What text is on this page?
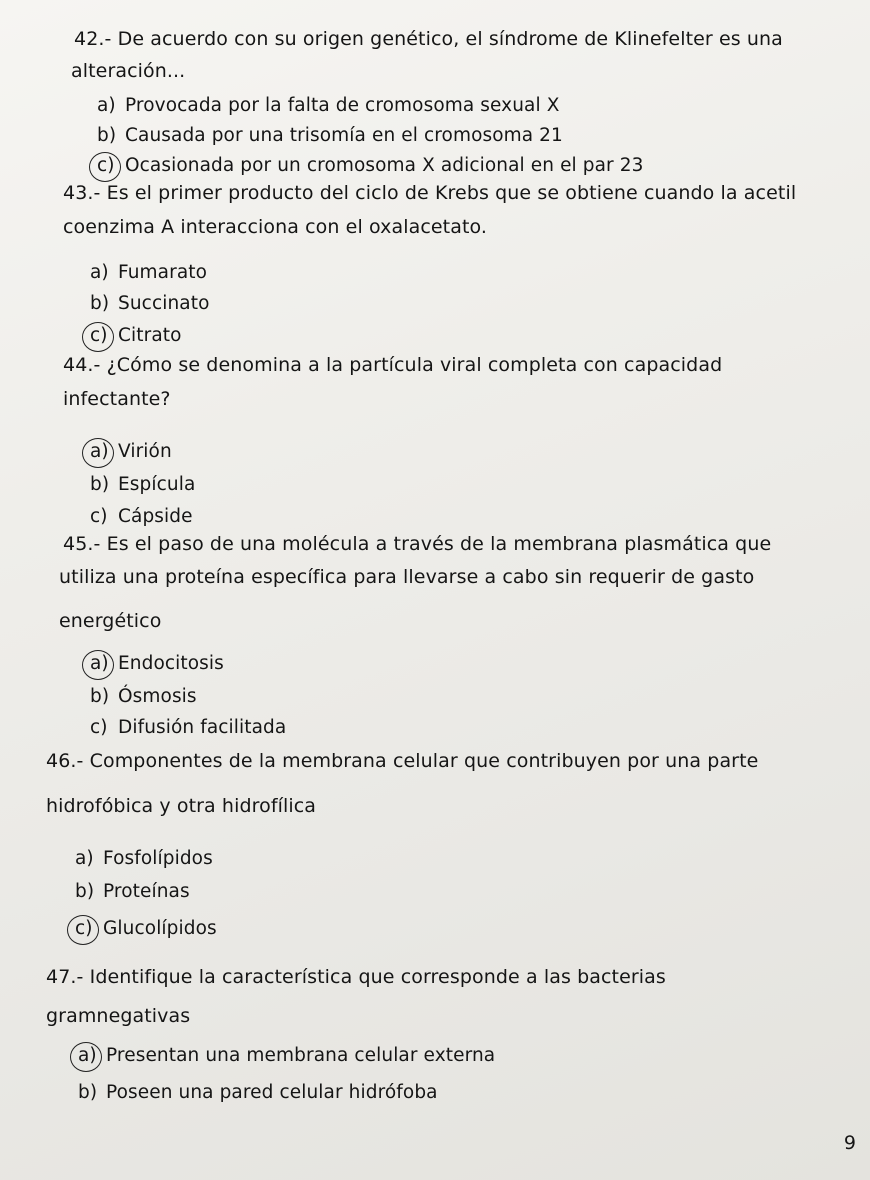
42.- De acuerdo con su origen genético, el síndrome de Klinefelter es una
alteración...
a) Provocada por la falta de cromosoma sexual X
b) Causada por una trisomía en el cromosoma 21
c) Ocasionada por un cromosoma X adicional en el par 23
43.- Es el primer producto del ciclo de Krebs que se obtiene cuando la acetil
coenzima A interacciona con el oxalacetato.
a) Fumarato
b) Succinato
c) Citrato
44.- ¿Cómo se denomina a la partícula viral completa con capacidad
infectante?
a) Virión
b) Espícula
c) Cápside
45.- Es el paso de una molécula a través de la membrana plasmática que
utiliza una proteína específica para llevarse a cabo sin requerir de gasto
energético
a) Endocitosis
b) Ósmosis
c) Difusión facilitada
46.- Componentes de la membrana celular que contribuyen por una parte
hidrofóbica y otra hidrofílica
a) Fosfolípidos
b) Proteínas
c) Glucolípidos
47.- Identifique la característica que corresponde a las bacterias
gramnegativas
a) Presentan una membrana celular externa
b) Poseen una pared celular hidrófoba
9
